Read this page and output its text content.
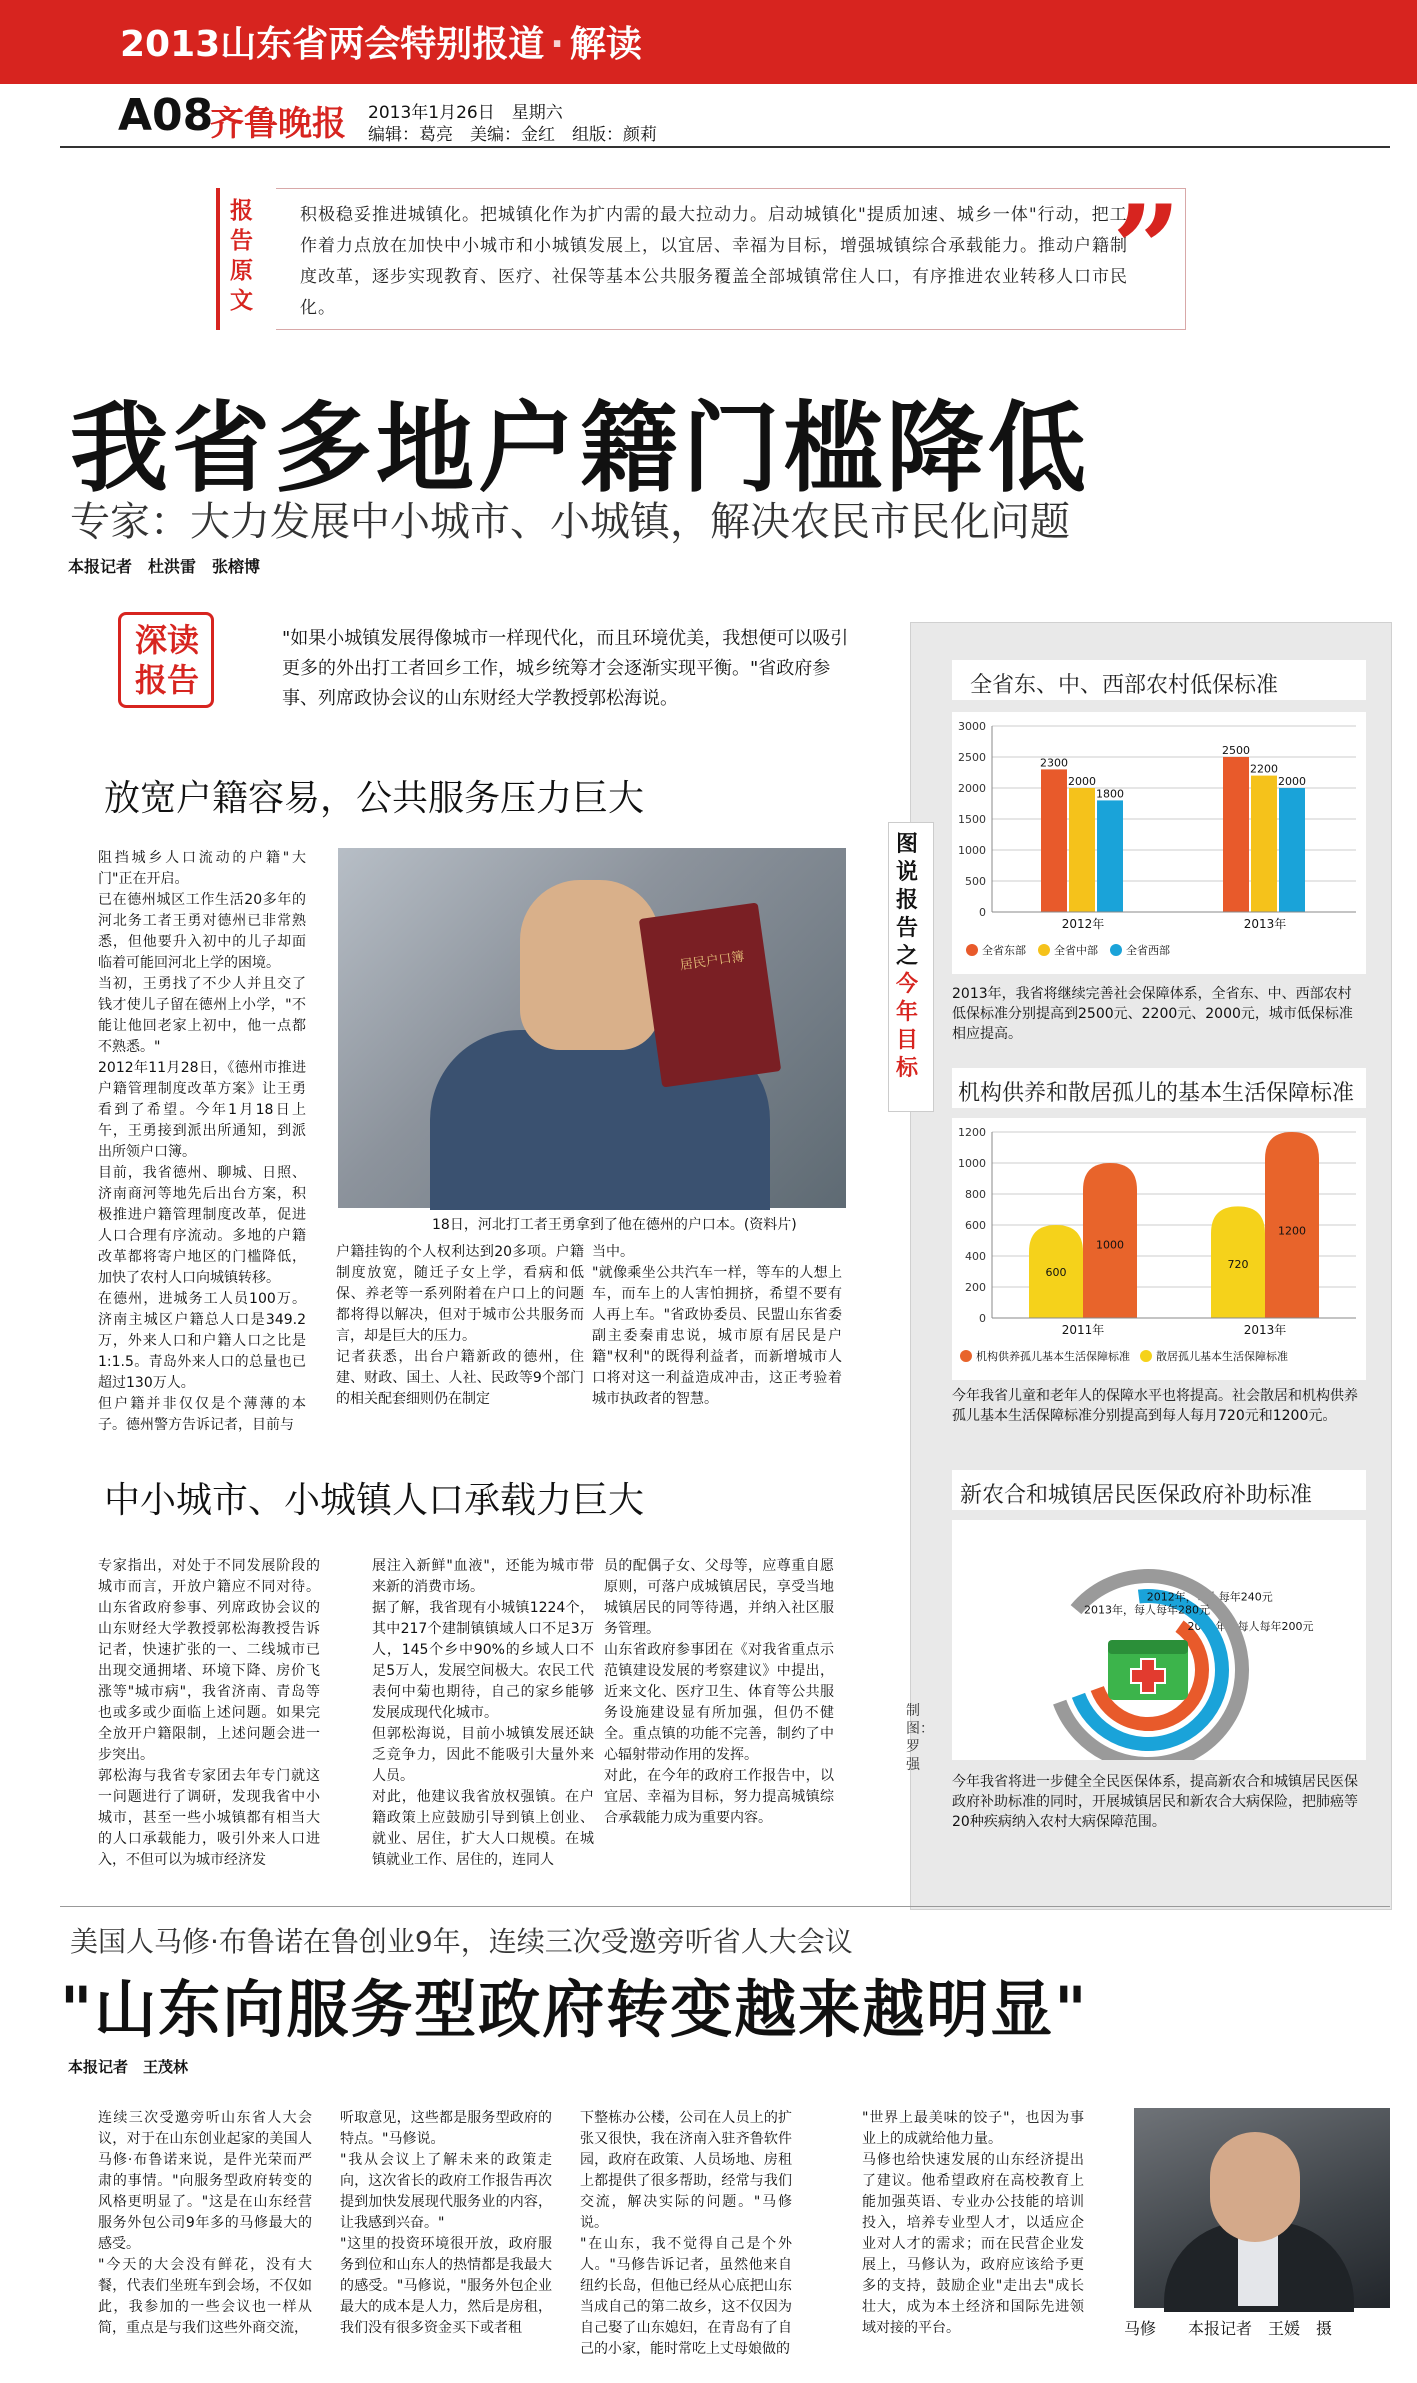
2013山东省两会特别报道 · 解读
A08
齐鲁晚报 2013年1月26日　星期六
编辑：葛亮　美编：金红　组版：颜莉
报告原文
积极稳妥推进城镇化。把城镇化作为扩内需的最大拉动力。启动城镇化"提质加速、城乡一体"行动，把工作着力点放在加快中小城市和小城镇发展上，以宜居、幸福为目标，增强城镇综合承载能力。推动户籍制度改革，逐步实现教育、医疗、社保等基本公共服务覆盖全部城镇常住人口，有序推进农业转移人口市民化。	”
我省多地户籍门槛降低
专家：大力发展中小城市、小城镇，解决农民市民化问题
本报记者　杜洪雷　张榕博
深读报告
"如果小城镇发展得像城市一样现代化，而且环境优美，我想便可以吸引更多的外出打工者回乡工作，城乡统筹才会逐渐实现平衡。"省政府参事、列席政协会议的山东财经大学教授郭松海说。
放宽户籍容易，公共服务压力巨大
阻挡城乡人口流动的户籍"大门"正在开启。
已在德州城区工作生活20多年的河北务工者王勇对德州已非常熟悉，但他要升入初中的儿子却面临着可能回河北上学的困境。
当初，王勇找了不少人并且交了钱才使儿子留在德州上小学，"不能让他回老家上初中，他一点都不熟悉。"
2012年11月28日，《德州市推进户籍管理制度改革方案》让王勇看到了希望。今年1月18日上午，王勇接到派出所通知，到派出所领户口簿。
目前，我省德州、聊城、日照、济南商河等地先后出台方案，积极推进户籍管理制度改革，促进人口合理有序流动。多地的户籍改革都将寄户地区的门槛降低，加快了农村人口向城镇转移。
在德州，进城务工人员100万。济南主城区户籍总人口是349.2万，外来人口和户籍人口之比是1:1.5。青岛外来人口的总量也已超过130万人。
但户籍并非仅仅是个薄薄的本子。德州警方告诉记者，目前与
居民户口簿
18日，河北打工者王勇拿到了他在德州的户口本。(资料片)
户籍挂钩的个人权利达到20多项。户籍制度放宽，随迁子女上学，看病和低保、养老等一系列附着在户口上的问题都将得以解决，但对于城市公共服务而言，却是巨大的压力。
记者获悉，出台户籍新政的德州，住建、财政、国土、人社、民政等9个部门的相关配套细则仍在制定
当中。
"就像乘坐公共汽车一样，等车的人想上车，而车上的人害怕拥挤，希望不要有人再上车。"省政协委员、民盟山东省委副主委秦甫忠说，城市原有居民是户籍"权利"的既得利益者，而新增城市人口将对这一利益造成冲击，这正考验着城市执政者的智慧。
中小城市、小城镇人口承载力巨大
专家指出，对处于不同发展阶段的城市而言，开放户籍应不同对待。山东省政府参事、列席政协会议的山东财经大学教授郭松海教授告诉记者，快速扩张的一、二线城市已出现交通拥堵、环境下降、房价飞涨等"城市病"，我省济南、青岛等也或多或少面临上述问题。如果完全放开户籍限制，上述问题会进一步突出。
郭松海与我省专家团去年专门就这一问题进行了调研，发现我省中小城市，甚至一些小城镇都有相当大的人口承载能力，吸引外来人口进入，不但可以为城市经济发
展注入新鲜"血液"，还能为城市带来新的消费市场。
据了解，我省现有小城镇1224个，其中217个建制镇镇域人口不足3万人，145个乡中90%的乡域人口不足5万人，发展空间极大。农民工代表何中菊也期待，自己的家乡能够发展成现代化城市。
但郭松海说，目前小城镇发展还缺乏竞争力，因此不能吸引大量外来人员。
对此，他建议我省放权强镇。在户籍政策上应鼓励引导到镇上创业、就业、居住，扩大人口规模。在城镇就业工作、居住的，连同人
员的配偶子女、父母等，应尊重自愿原则，可落户成城镇居民，享受当地城镇居民的同等待遇，并纳入社区服务管理。
山东省政府参事团在《对我省重点示范镇建设发展的考察建议》中提出，近来文化、医疗卫生、体育等公共服务设施建设显有所加强，但仍不健全。重点镇的功能不完善，制约了中心辐射带动作用的发挥。
对此，在今年的政府工作报告中，以宜居、幸福为目标，努力提高城镇综合承载能力成为重要内容。
图说报告之今年目标
全省东、中、西部农村低保标准
0
500
1000
1500
2000
2500
3000
2300
2000
1800
2012年
2500
2200
2000
2013年
全省东部	全省中部	全省西部
2013年，我省将继续完善社会保障体系，全省东、中、西部农村低保标准分别提高到2500元、2200元、2000元，城市低保标准相应提高。
机构供养和散居孤儿的基本生活保障标准
0
200
400
600
800
1000
1200
600
1000
2011年
720
1200
2013年
机构供养孤儿基本生活保障标准 散居孤儿基本生活保障标准
今年我省儿童和老年人的保障水平也将提高。社会散居和机构供养孤儿基本生活保障标准分别提高到每人每月720元和1200元。
新农合和城镇居民医保政府补助标准
2011年，每人每年200元
2012年，每人每年240元
2013年，每人每年280元
今年我省将进一步健全全民医保体系，提高新农合和城镇居民医保政府补助标准的同时，开展城镇居民和新农合大病保险，把肺癌等20种疾病纳入农村大病保障范围。
制图：罗强
美国人马修·布鲁诺在鲁创业9年，连续三次受邀旁听省人大会议
"山东向服务型政府转变越来越明显"
本报记者　王茂林
连续三次受邀旁听山东省人大会议，对于在山东创业起家的美国人马修·布鲁诺来说，是件光荣而严肃的事情。"向服务型政府转变的风格更明显了。"这是在山东经营服务外包公司9年多的马修最大的感受。
"今天的大会没有鲜花，没有大餐，代表们坐班车到会场，不仅如此，我参加的一些会议也一样从简，重点是与我们这些外商交流，
听取意见，这些都是服务型政府的特点。"马修说。
"我从会议上了解未来的政策走向，这次省长的政府工作报告再次提到加快发展现代服务业的内容，让我感到兴奋。"
"这里的投资环境很开放，政府服务到位和山东人的热情都是我最大的感受。"马修说，"服务外包企业最大的成本是人力，然后是房租，我们没有很多资金买下或者租
下整栋办公楼，公司在人员上的扩张又很快，我在济南入驻齐鲁软件园，政府在政策、人员场地、房租上都提供了很多帮助，经常与我们交流，解决实际的问题。"马修说。
"在山东，我不觉得自己是个外人。"马修告诉记者，虽然他来自纽约长岛，但他已经从心底把山东当成自己的第二故乡，这不仅因为自己娶了山东媳妇，在青岛有了自己的小家，能时常吃上丈母娘做的
"世界上最美味的饺子"，也因为事业上的成就给他力量。
马修也给快速发展的山东经济提出了建议。他希望政府在高校教育上能加强英语、专业办公技能的培训投入，培养专业型人才，以适应企业对人才的需求；而在民营企业发展上，马修认为，政府应该给予更多的支持，鼓励企业"走出去"成长壮大，成为本土经济和国际先进领域对接的平台。	马修　　本报记者　王媛　摄
